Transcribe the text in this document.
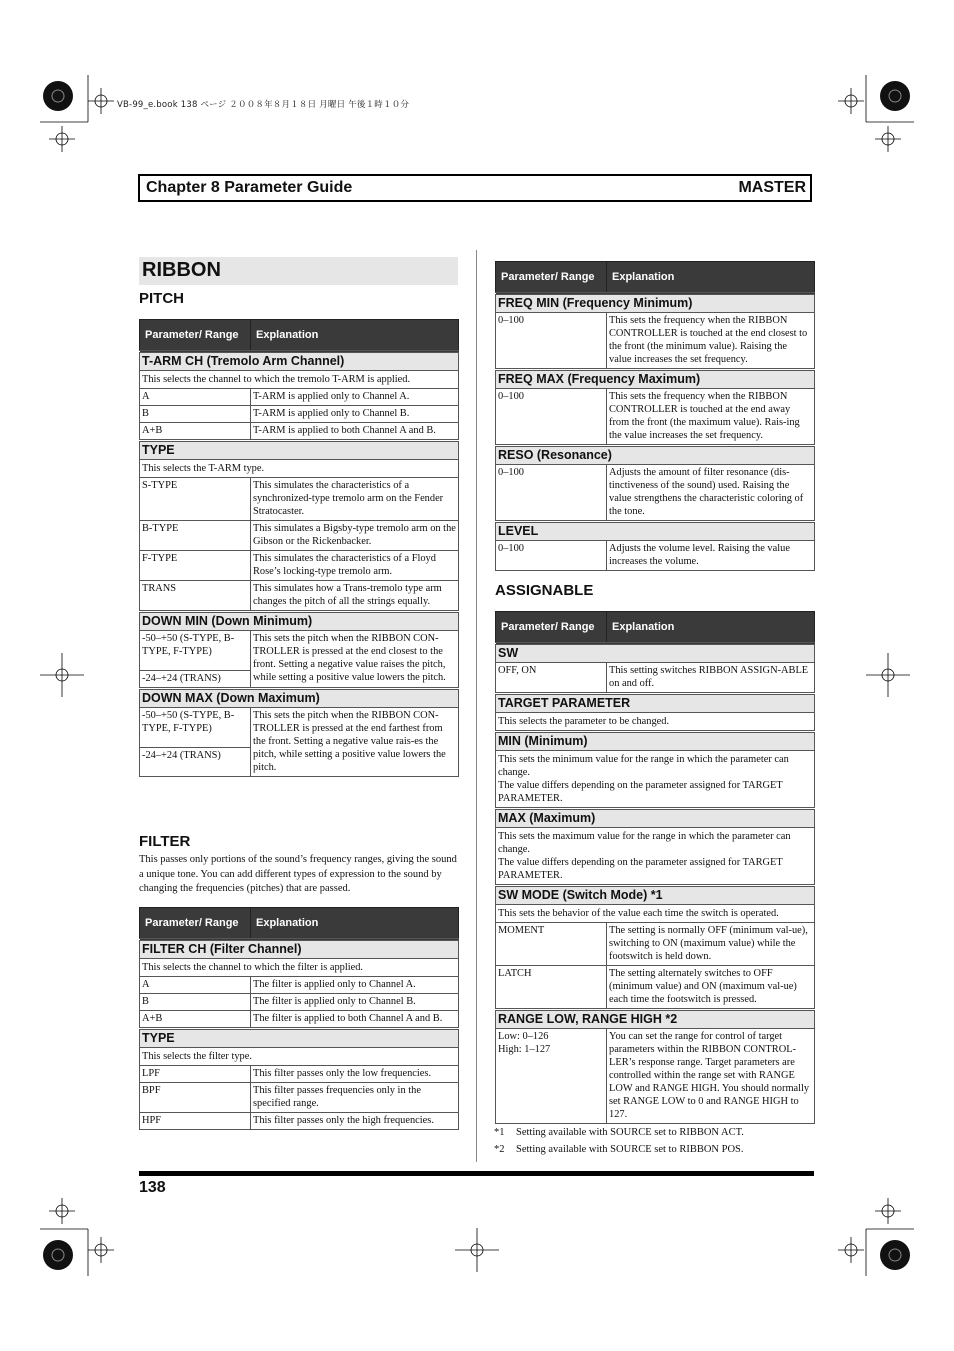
VB-99_e.book 138 ページ ２００８年８月１８日 月曜日 午後１時１０分
Chapter 8 Parameter Guide	MASTER
RIBBON
PITCH
Parameter/ Range	Explanation
T-ARM CH (Tremolo Arm Channel)	
This selects the channel to which the tremolo T-ARM is applied.	
A	T-ARM is applied only to Channel A.
B	T-ARM is applied only to Channel B.
A+B	T-ARM is applied to both Channel A and B.
TYPE	
This selects the T-ARM type.	
S-TYPE	This simulates the characteristics of a synchronized-type tremolo arm on the Fender Stratocaster.
B-TYPE	This simulates a Bigsby-type tremolo arm on the Gibson or the Rickenbacker.
F-TYPE	This simulates the characteristics of a Floyd Rose’s locking-type tremolo arm.
TRANS	This simulates how a Trans-tremolo type arm changes the pitch of all the strings equally.
DOWN MIN (Down Minimum)	
-50–+50 (S-TYPE, B-TYPE, F-TYPE)	This sets the pitch when the RIBBON CON-TROLLER is pressed at the end closest to the front. Setting a negative value raises the pitch, while setting a positive value lowers the pitch.
-24–+24 (TRANS)	
DOWN MAX (Down Maximum)	
-50–+50 (S-TYPE, B-TYPE, F-TYPE)	This sets the pitch when the RIBBON CON-TROLLER is pressed at the end farthest from the front. Setting a negative value rais-es the pitch, while setting a positive value lowers the pitch.
-24–+24 (TRANS)	
FILTER
This passes only portions of the sound’s frequency ranges, giving the sound a unique tone. You can add different types of expression to the sound by changing the frequencies (pitches) that are passed.
Parameter/ Range	Explanation
FILTER CH (Filter Channel)	
This selects the channel to which the filter is applied.	
A	The filter is applied only to Channel A.
B	The filter is applied only to Channel B.
A+B	The filter is applied to both Channel A and B.
TYPE	
This selects the filter type.	
LPF	This filter passes only the low frequencies.
BPF	This filter passes frequencies only in the specified range.
HPF	This filter passes only the high frequencies.
Parameter/ Range	Explanation
FREQ MIN (Frequency Minimum)	
0–100	This sets the frequency when the RIBBON CONTROLLER is touched at the end closest to the front (the minimum value). Raising the value increases the set frequency.
FREQ MAX (Frequency Maximum)	
0–100	This sets the frequency when the RIBBON CONTROLLER is touched at the end away from the front (the maximum value). Rais-ing the value increases the set frequency.
RESO (Resonance)	
0–100	Adjusts the amount of filter resonance (dis-tinctiveness of the sound) used. Raising the value strengthens the characteristic coloring of the tone.
LEVEL	
0–100	Adjusts the volume level. Raising the value increases the volume.
ASSIGNABLE
Parameter/ Range	Explanation
SW	
OFF, ON	This setting switches RIBBON ASSIGN-ABLE on and off.
TARGET PARAMETER	
This selects the parameter to be changed.	
MIN (Minimum)	

This sets the minimum value for the range in which the parameter can change.
The value differs depending on the parameter assigned for TARGET PARAMETER.	

MAX (Maximum)	

This sets the maximum value for the range in which the parameter can change.
The value differs depending on the parameter assigned for TARGET PARAMETER.	

SW MODE (Switch Mode) *1	
This sets the behavior of the value each time the switch is operated.	
MOMENT	The setting is normally OFF (minimum val-ue), switching to ON (maximum value) while the footswitch is held down.
LATCH	The setting alternately switches to OFF (minimum value) and ON (maximum val-ue) each time the footswitch is pressed.
RANGE LOW, RANGE HIGH *2	

Low: 0–126
High: 1–127	You can set the range for control of target parameters within the RIBBON CONTROL-LER’s response range. Target parameters are controlled within the range set with RANGE LOW and RANGE HIGH. You should normally set RANGE LOW to 0 and RANGE HIGH to 127.
*1 Setting available with SOURCE set to RIBBON ACT.
*2 Setting available with SOURCE set to RIBBON POS.
138
